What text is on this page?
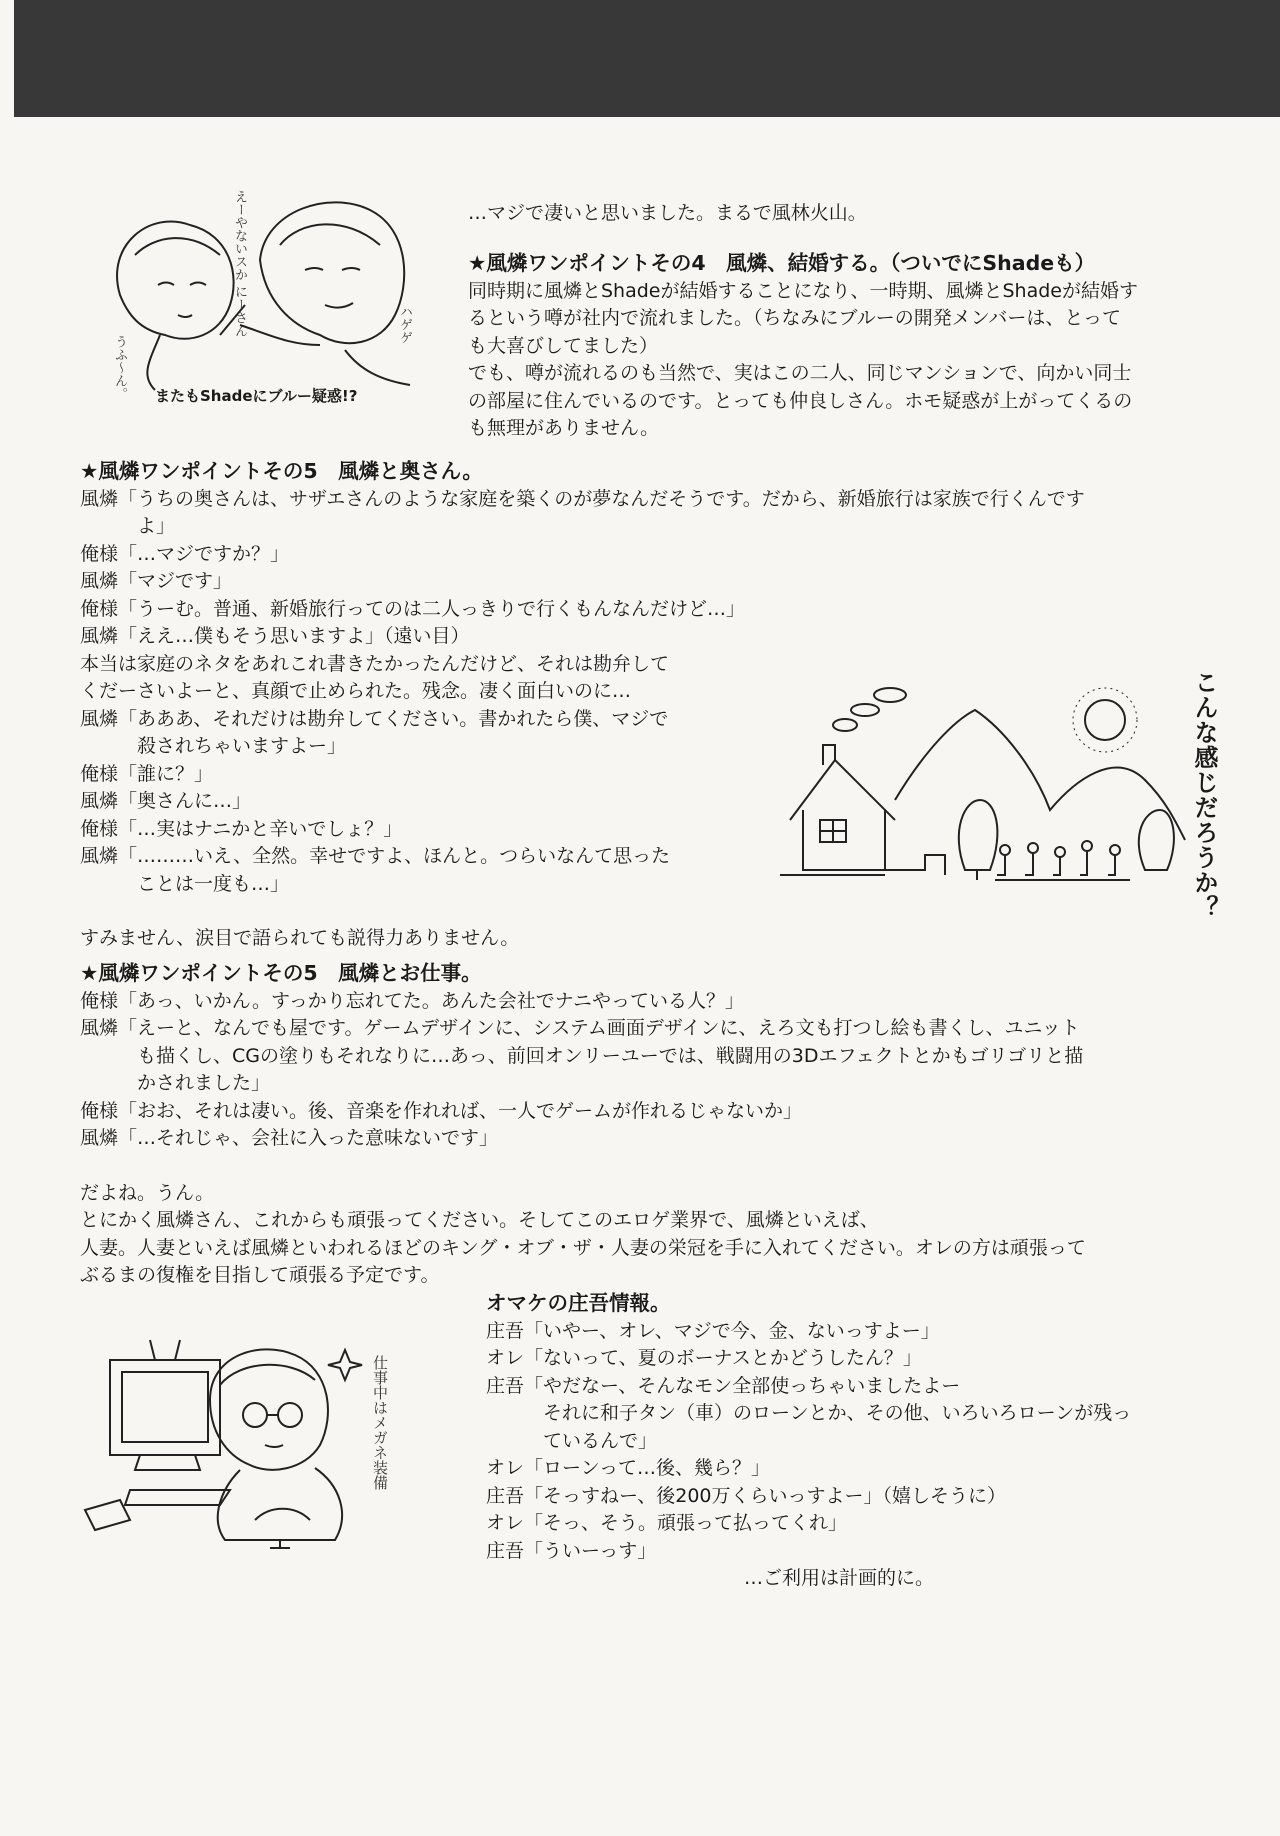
えーやないスか にーさん	ハゲゲ
うふ～ん。 またもShadeにブルー疑惑!?
…マジで凄いと思いました。まるで風林火山。
★風燐ワンポイントその4　風燐、結婚する。（ついでにShadeも）
同時期に風燐とShadeが結婚することになり、一時期、風燐とShadeが結婚す
るという噂が社内で流れました。（ちなみにブルーの開発メンバーは、とって
も大喜びしてました）
でも、噂が流れるのも当然で、実はこの二人、同じマンションで、向かい同士
の部屋に住んでいるのです。とっても仲良しさん。ホモ疑惑が上がってくるの
も無理がありません。
★風燐ワンポイントその5　風燐と奥さん。
風燐「うちの奥さんは、サザエさんのような家庭を築くのが夢なんだそうです。だから、新婚旅行は家族で行くんです
　　　よ」
俺様「…マジですか？」
風燐「マジです」
俺様「うーむ。普通、新婚旅行ってのは二人っきりで行くもんなんだけど…」
風燐「ええ…僕もそう思いますよ」（遠い目）
本当は家庭のネタをあれこれ書きたかったんだけど、それは勘弁して
くだーさいよーと、真顔で止められた。残念。凄く面白いのに…
風燐「あああ、それだけは勘弁してください。書かれたら僕、マジで
　　　殺されちゃいますよー」
俺様「誰に？」
風燐「奥さんに…」
俺様「…実はナニかと辛いでしょ？」
風燐「………いえ、全然。幸せですよ、ほんと。つらいなんて思った
　　　ことは一度も…」
すみません、涙目で語られても説得力ありません。
こんな感じだろうか？
★風燐ワンポイントその5　風燐とお仕事。
俺様「あっ、いかん。すっかり忘れてた。あんた会社でナニやっている人？」
風燐「えーと、なんでも屋です。ゲームデザインに、システム画面デザインに、えろ文も打つし絵も書くし、ユニット
　　　も描くし、CGの塗りもそれなりに…あっ、前回オンリーユーでは、戦闘用の3Dエフェクトとかもゴリゴリと描
　　　かされました」
俺様「おお、それは凄い。後、音楽を作れれば、一人でゲームが作れるじゃないか」
風燐「…それじゃ、会社に入った意味ないです」
だよね。うん。
とにかく風燐さん、これからも頑張ってください。そしてこのエロゲ業界で、風燐といえば、
人妻。人妻といえば風燐といわれるほどのキング・オブ・ザ・人妻の栄冠を手に入れてください。オレの方は頑張って
ぶるまの復権を目指して頑張る予定です。
仕事中はメガネ装備
オマケの庄吾情報。
庄吾「いやー、オレ、マジで今、金、ないっすよー」
オレ「ないって、夏のボーナスとかどうしたん？」
庄吾「やだなー、そんなモン全部使っちゃいましたよー
　　　それに和子タン（車）のローンとか、その他、いろいろローンが残っ
　　　ているんで」
オレ「ローンって…後、幾ら？」
庄吾「そっすねー、後200万くらいっすよー」（嬉しそうに）
オレ「そっ、そう。頑張って払ってくれ」
庄吾「ういーっす」
…ご利用は計画的に。
